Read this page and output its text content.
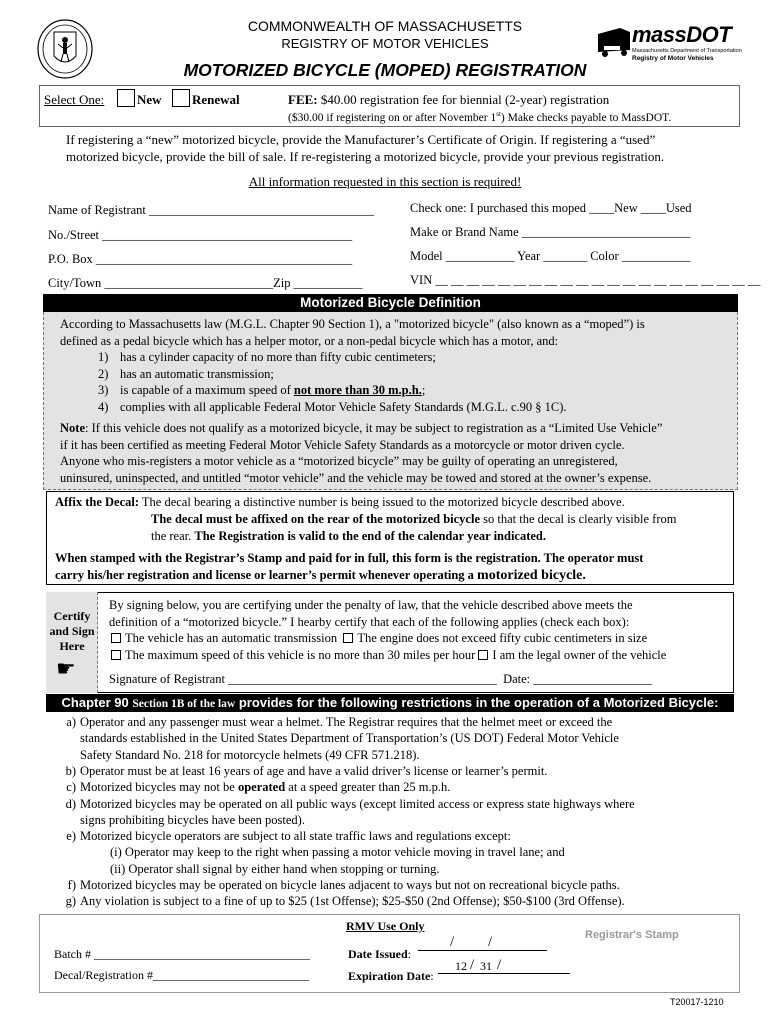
COMMONWEALTH OF MASSACHUSETTS
REGISTRY OF MOTOR VEHICLES	massDOT
Massachusetts Department of Transportation
Registry of Motor Vehicles
MOTORIZED BICYCLE (MOPED) REGISTRATION
Select One:	New Renewal	FEE: $40.00 registration fee for biennial (2-year) registration
($30.00 if registering on or after November 1st) Make checks payable to MassDOT.
If registering a “new” motorized bicycle, provide the Manufacturer’s Certificate of Origin. If registering a “used”
motorized bicycle, provide the bill of sale. If re-registering a motorized bicycle, provide your previous registration.
All information requested in this section is required!
Name of Registrant ____________________________________
No./Street ________________________________________
P.O. Box _________________________________________
City/Town ___________________________Zip ___________
Check one: I purchased this moped ____New ____Used
Make or Brand Name ___________________________
Model ___________ Year _______ Color ___________
VIN __ __ __ __ __ __ __ __ __ __ __ __ __ __ __ __ __ __ __ __ __
Motorized Bicycle Definition
According to Massachusetts law (M.G.L. Chapter 90 Section 1), a "motorized bicycle" (also known as a “moped”) is
defined as a pedal bicycle which has a helper motor, or a non-pedal bicycle which has a motor, and:
1) has a cylinder capacity of no more than fifty cubic centimeters;
2) has an automatic transmission;
3) is capable of a maximum speed of not more than 30 m.p.h.;
4) complies with all applicable Federal Motor Vehicle Safety Standards (M.G.L. c.90 § 1C).
Note: If this vehicle does not qualify as a motorized bicycle, it may be subject to registration as a “Limited Use Vehicle”
if it has been certified as meeting Federal Motor Vehicle Safety Standards as a motorcycle or motor driven cycle.
Anyone who mis-registers a motor vehicle as a “motorized bicycle” may be guilty of operating an unregistered,
uninsured, uninspected, and untitled “motor vehicle” and the vehicle may be towed and stored at the owner’s expense.
Affix the Decal: The decal bearing a distinctive number is being issued to the motorized bicycle described above.
The decal must be affixed on the rear of the motorized bicycle so that the decal is clearly visible from
the rear. The Registration is valid to the end of the calendar year indicated.
When stamped with the Registrar’s Stamp and paid for in full, this form is the registration. The operator must
carry his/her registration and license or learner’s permit whenever operating a motorized bicycle.
Certify
and Sign
Here
☛
By signing below, you are certifying under the penalty of law, that the vehicle described above meets the
definition of a “motorized bicycle.” I hearby certify that each of the following applies (check each box):
The vehicle has an automatic transmission The engine does not exceed fifty cubic centimeters in size
The maximum speed of this vehicle is no more than 30 miles per hour I am the legal owner of the vehicle
Signature of Registrant ___________________________________________ Date: ___________________
Chapter 90 Section 1B of the law provides for the following restrictions in the operation of a Motorized Bicycle:
a) Operator and any passenger must wear a helmet. The Registrar requires that the helmet meet or exceed the
standards established in the United States Department of Transportation’s (US DOT) Federal Motor Vehicle
Safety Standard No. 218 for motorcycle helmets (49 CFR 571.218).
b) Operator must be at least 16 years of age and have a valid driver’s license or learner’s permit.
c) Motorized bicycles may not be operated at a speed greater than 25 m.p.h.
d) Motorized bicycles may be operated on all public ways (except limited access or express state highways where
signs prohibiting bicycles have been posted).
e) Motorized bicycle operators are subject to all state traffic laws and regulations except:
(i) Operator may keep to the right when passing a motor vehicle moving in travel lane; and
(ii) Operator shall signal by either hand when stopping or turning.
f) Motorized bicycles may be operated on bicycle lanes adjacent to ways but not on recreational bicycle paths.
g) Any violation is subject to a fine of up to $25 (1st Offense); $25-$50 (2nd Offense); $50-$100 (3rd Offense).
RMV Use Only
Registrar's Stamp
Batch # ____________________________________
Decal/Registration #__________________________
Date Issued:
/ /
Expiration Date:
12 / 31 /
T20017-1210
